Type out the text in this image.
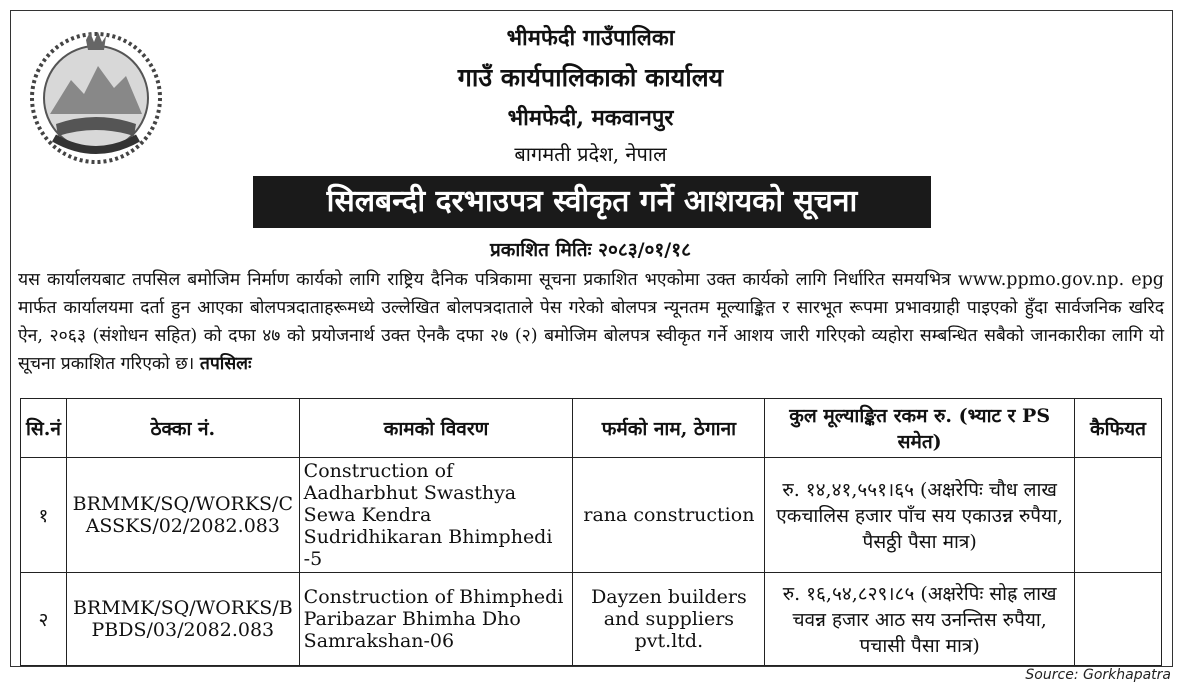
भीमफेदी गाउँपालिका
गाउँ कार्यपालिकाको कार्यालय
भीमफेदी, मकवानपुर
बागमती प्रदेश, नेपाल
सिलबन्दी दरभाउपत्र स्वीकृत गर्ने आशयको सूचना
प्रकाशित मितिः २०८३/०१/१८
यस कार्यालयबाट तपसिल बमोजिम निर्माण कार्यको लागि राष्ट्रिय दैनिक पत्रिकामा सूचना प्रकाशित भएकोमा उक्त कार्यको लागि निर्धारित समयभित्र www.ppmo.gov.np. epg मार्फत कार्यालयमा दर्ता हुन आएका बोलपत्रदाताहरूमध्ये उल्लेखित बोलपत्रदाताले पेस गरेको बोलपत्र न्यूनतम मूल्याङ्कित र सारभूत रूपमा प्रभावग्राही पाइएको हुँदा सार्वजनिक खरिद ऐन, २०६३ (संशोधन सहित) को दफा ४७ को प्रयोजनार्थ उक्त ऐनकै दफा २७ (२) बमोजिम बोलपत्र स्वीकृत गर्ने आशय जारी गरिएको व्यहोरा सम्बन्धित सबैको जानकारीका लागि यो सूचना प्रकाशित गरिएको छ। तपसिलः
सि.नं	ठेक्का नं.	कामको विवरण	फर्मको नाम, ठेगाना	कुल मूल्याङ्कित रकम रु. (भ्याट र PS समेत)	कैफियत
१	BRMMK/SQ/WORKS/CASSKS/02/2082.083	Construction of Aadharbhut Swasthya Sewa Kendra Sudridhikaran Bhimphedi -5	rana construction	रु. १४,४१,५५१।६५ (अक्षरेपिः चौध लाख एकचालिस हजार पाँच सय एकाउन्न रुपैया, पैसठ्ठी पैसा मात्र)	
२	BRMMK/SQ/WORKS/BPBDS/03/2082.083	Construction of Bhimphedi Paribazar Bhimha Dho Samrakshan-06	Dayzen builders and suppliers pvt.ltd.	रु. १६,५४,८२९।८५ (अक्षरेपिः सोह्र लाख चवन्न हजार आठ सय उनन्तिस रुपैया, पचासी पैसा मात्र)	
Source: Gorkhapatra
